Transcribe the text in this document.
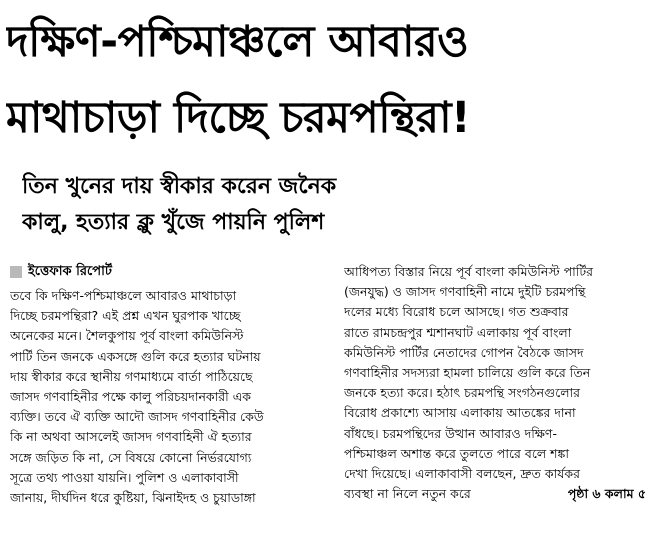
দক্ষিণ-পশ্চিমাঞ্চলে আবারও
মাথাচাড়া দিচ্ছে চরমপন্থিরা!
তিন খুনের দায় স্বীকার করেন জনৈক
কালু, হত্যার ক্লু খুঁজে পায়নি পুলিশ
ইত্তেফাক রিপোর্ট
তবে কি দক্ষিণ-পশ্চিমাঞ্চলে আবারও মাথাচাড়া
দিচ্ছে চরমপন্থিরা? এই প্রশ্ন এখন ঘুরপাক খাচ্ছে
অনেকের মনে। শৈলকুপায় পূর্ব বাংলা কমিউনিস্ট
পার্টি তিন জনকে একসঙ্গে গুলি করে হত্যার ঘটনায়
দায় স্বীকার করে স্থানীয় গণমাধ্যমে বার্তা পাঠিয়েছে
জাসদ গণবাহিনীর পক্ষে কালু পরিচয়দানকারী এক
ব্যক্তি। তবে ঐ ব্যক্তি আদৌ জাসদ গণবাহিনীর কেউ
কি না অথবা আসলেই জাসদ গণবাহিনী ঐ হত্যার
সঙ্গে জড়িত কি না, সে বিষয়ে কোনো নির্ভরযোগ্য
সূত্রে তথ্য পাওয়া যায়নি। পুলিশ ও এলাকাবাসী
জানায়, দীর্ঘদিন ধরে কুষ্টিয়া, ঝিনাইদহ ও চুয়াডাঙ্গা
আধিপত্য বিস্তার নিয়ে পূর্ব বাংলা কমিউনিস্ট পার্টির
(জনযুদ্ধ) ও জাসদ গণবাহিনী নামে দুইটি চরমপন্থি
দলের মধ্যে বিরোধ চলে আসছে। গত শুক্রবার
রাতে রামচন্দ্রপুর শ্মশানঘাট এলাকায় পূর্ব বাংলা
কমিউনিস্ট পার্টির নেতাদের গোপন বৈঠকে জাসদ
গণবাহিনীর সদস্যরা হামলা চালিয়ে গুলি করে তিন
জনকে হত্যা করে। হঠাৎ চরমপন্থি সংগঠনগুলোর
বিরোধ প্রকাশ্যে আসায় এলাকায় আতঙ্কের দানা
বাঁধছে। চরমপন্থিদের উত্থান আবারও দক্ষিণ-
পশ্চিমাঞ্চল অশান্ত করে তুলতে পারে বলে শঙ্কা
দেখা দিয়েছে। এলাকাবাসী বলছেন, দ্রুত কার্যকর
ব্যবস্থা না নিলে নতুন করে	পৃষ্ঠা ৬ কলাম ৫
